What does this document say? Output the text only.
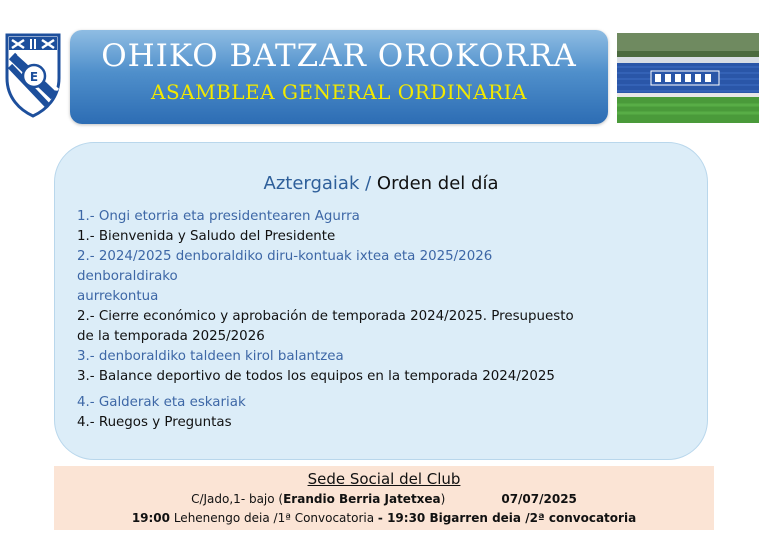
E
OHIKO BATZAR OROKORRA
ASAMBLEA GENERAL ORDINARIA
Aztergaiak / Orden del día
1.- Ongi etorria eta presidentearen Agurra
1.- Bienvenida y Saludo del Presidente
2.- 2024/2025 denboraldiko diru-kontuak ixtea eta 2025/2026
denboraldirako
aurrekontua
2.- Cierre económico y aprobación de temporada 2024/2025. Presupuesto
de la temporada 2025/2026
3.- denboraldiko taldeen kirol balantzea
3.- Balance deportivo de todos los equipos en la temporada 2024/2025
4.- Galderak eta eskariak
4.- Ruegos y Preguntas
Sede Social del Club
C/Jado,1- bajo (Erandio Berria Jatetxea)	07/07/2025
19:00 Lehenengo deia /1ª Convocatoria - 19:30 Bigarren deia /2ª convocatoria
